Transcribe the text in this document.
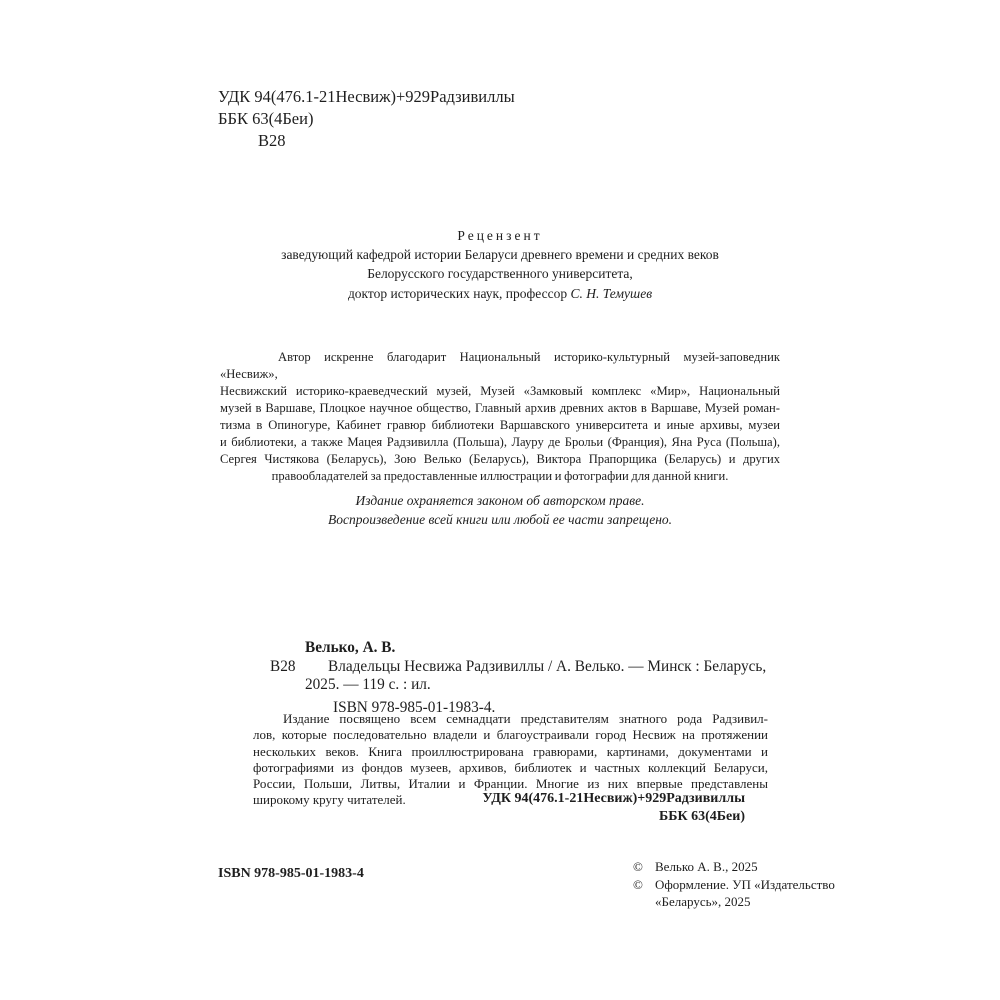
УДК 94(476.1-21Несвиж)+929Радзивиллы
ББК 63(4Беи)
В28
Рецензент
заведующий кафедрой истории Беларуси древнего времени и средних веков
Белорусского государственного университета,
доктор исторических наук, профессор С. Н. Темушев
Автор искренне благодарит Национальный историко-культурный музей-заповедник «Несвиж»,
Несвижский историко-краеведческий музей, Музей «Замковый комплекс «Мир», Национальный
музей в Варшаве, Плоцкое научное общество, Главный архив древних актов в Варшаве, Музей роман-
тизма в Опиногуре, Кабинет гравюр библиотеки Варшавского университета и иные архивы, музеи
и библиотеки, а также Мацея Радзивилла (Польша), Лауру де Брольи (Франция), Яна Руса (Польша),
Сергея Чистякова (Беларусь), Зою Велько (Беларусь), Виктора Прапорщика (Беларусь) и других
правообладателей за предоставленные иллюстрации и фотографии для данной книги.
Издание охраняется законом об авторском праве.
Воспроизведение всей книги или любой ее части запрещено.
Велько, А. В.
В28 Владельцы Несвижа Радзивиллы / А. Велько. — Минск : Беларусь,
2025. — 119 с. : ил.
ISBN 978-985-01-1983-4.
Издание посвящено всем семнадцати представителям знатного рода Радзивил-
лов, которые последовательно владели и благоустраивали город Несвиж на протяжении
нескольких веков. Книга проиллюстрирована гравюрами, картинами, документами и
фотографиями из фондов музеев, архивов, библиотек и частных коллекций Беларуси,
России, Польши, Литвы, Италии и Франции. Многие из них впервые представлены
широкому кругу читателей.	УДК 94(476.1-21Несвиж)+929Радзивиллы
ББК 63(4Беи)
ISBN 978-985-01-1983-4	© Велько А. В., 2025
© Оформление. УП «Издательство
«Беларусь», 2025
